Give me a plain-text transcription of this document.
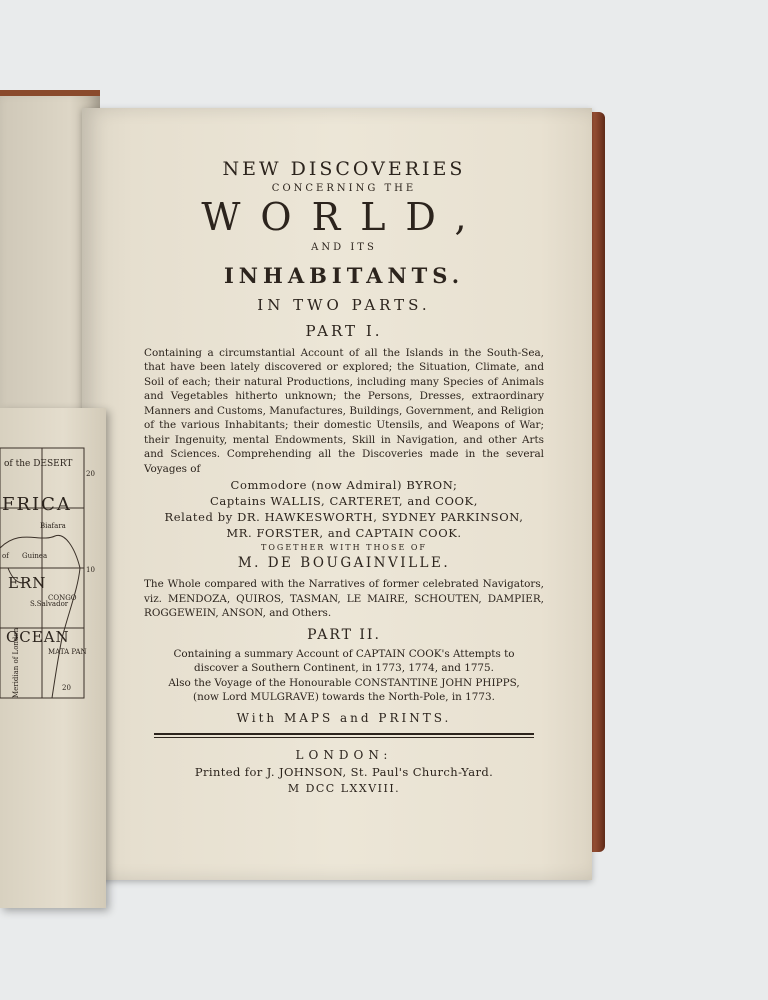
NEW DISCOVERIES
CONCERNING THE
WORLD,
AND ITS
INHABITANTS.
IN TWO PARTS.
PART I.
Containing a circumstantial Account of all the Islands in the South-Sea, that have been lately discovered or explored; the Situation, Climate, and Soil of each; their natural Productions, including many Species of Animals and Vegetables hitherto unknown; the Persons, Dresses, extraordinary Manners and Customs, Manufactures, Buildings, Government, and Religion of the various Inhabitants; their domestic Utensils, and Weapons of War; their Ingenuity, mental Endowments, Skill in Navigation, and other Arts and Sciences. Comprehending all the Discoveries made in the several Voyages of
Commodore (now Admiral) BYRON;
Captains WALLIS, CARTERET, and COOK,
Related by DR. HAWKESWORTH, SYDNEY PARKINSON,
MR. FORSTER, and CAPTAIN COOK.
TOGETHER WITH THOSE OF
M. DE BOUGAINVILLE.
The Whole compared with the Narratives of former celebrated Navigators, viz. MENDOZA, QUIROS, TASMAN, LE MAIRE, SCHOUTEN, DAMPIER, ROGGEWEIN, ANSON, and Others.
PART II.
Containing a summary Account of CAPTAIN COOK's Attempts to
discover a Southern Continent, in 1773, 1774, and 1775.
Also the Voyage of the Honourable CONSTANTINE JOHN PHIPPS,
(now Lord MULGRAVE) towards the North-Pole, in 1773.
With MAPS and PRINTS.
LONDON:
Printed for J. JOHNSON, St. Paul's Church-Yard.
M DCC LXXVIII.
of the DESERT
FRICA
Biafara
Guinea
of
ERN
S.Salvador
CONGO
OCEAN
MATA PAN
Meridian of London
20
10
20
